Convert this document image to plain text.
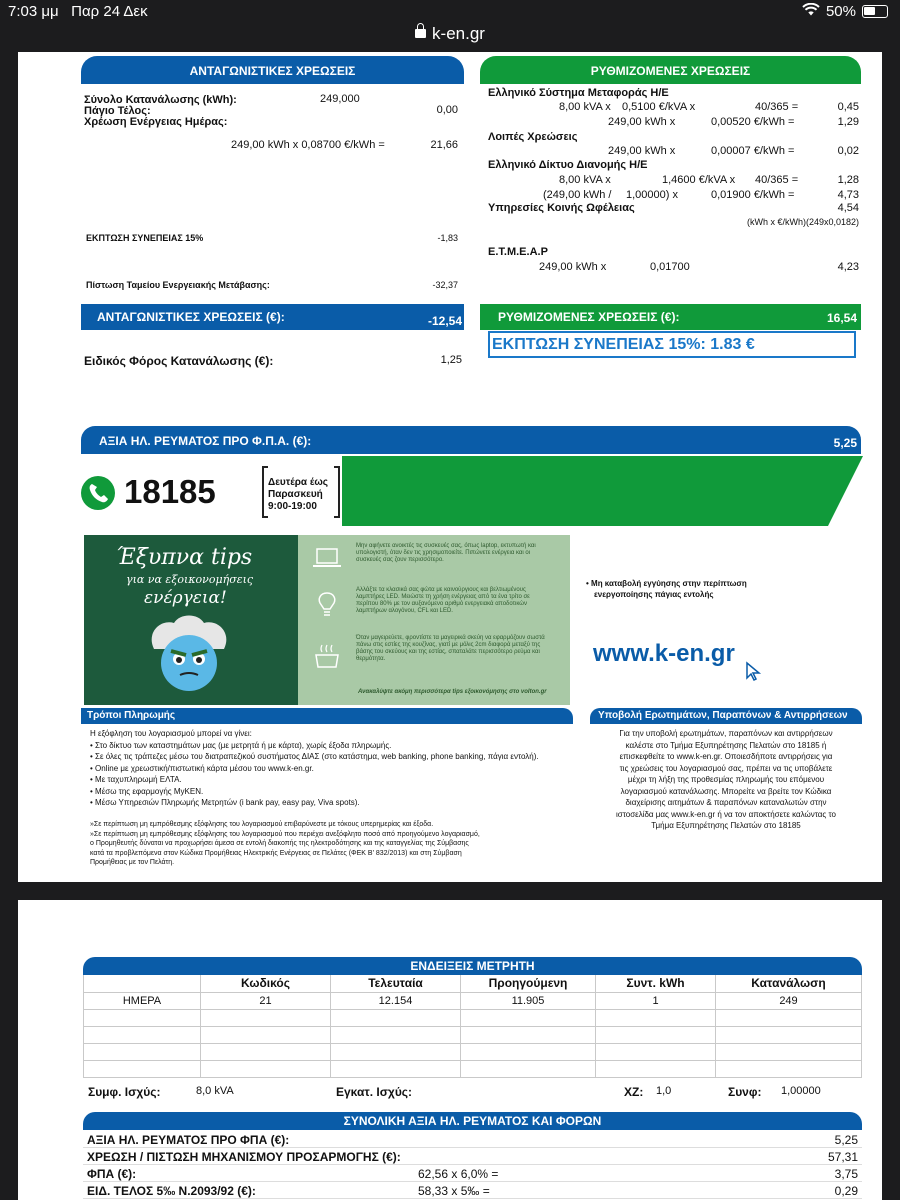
7:03 μμ Παρ 24 Δεκ	50%
k-en.gr
ΑΝΤΑΓΩΝΙΣΤΙΚΕΣ ΧΡΕΩΣΕΙΣ
Σύνολο Κατανάλωσης (kWh):	249,000
Πάγιο Τέλος:	0,00
Χρέωση Ενέργειας Ημέρας:
249,00 kWh x 0,08700 €/kWh =	21,66
ΕΚΠΤΩΣΗ ΣΥΝΕΠΕΙΑΣ 15%	-1,83
Πίστωση Ταμείου Ενεργειακής Μετάβασης:	-32,37
ΑΝΤΑΓΩΝΙΣΤΙΚΕΣ ΧΡΕΩΣΕΙΣ (€):	-12,54
Ειδικός Φόρος Κατανάλωσης (€):	1,25
ΡΥΘΜΙΖΟΜΕΝΕΣ ΧΡΕΩΣΕΙΣ
Ελληνικό Σύστημα Μεταφοράς Η/Ε
8,00 kVA x 0,5100 €/kVA x	40/365 =	0,45
249,00 kWh x	0,00520 €/kWh =	1,29
Λοιπές Χρεώσεις
249,00 kWh x	0,00007 €/kWh =	0,02
Ελληνικό Δίκτυο Διανομής Η/Ε
8,00 kVA x	1,4600 €/kVA x 40/365 =	1,28
(249,00 kWh / 1,00000) x	0,01900 €/kWh =	4,73
Υπηρεσίες Κοινής Ωφέλειας	4,54
(kWh x €/kWh)(249x0,0182)
Ε.Τ.Μ.Ε.Α.Ρ
249,00 kWh x	0,01700	4,23
ΡΥΘΜΙΖΟΜΕΝΕΣ ΧΡΕΩΣΕΙΣ (€):	16,54
ΕΚΠΤΩΣΗ ΣΥΝΕΠΕΙΑΣ 15%: 1.83 €
ΑΞΙΑ ΗΛ. ΡΕΥΜΑΤΟΣ ΠΡΟ Φ.Π.Α. (€):	5,25
18185	Δευτέρα έως
Παρασκευή
9:00-19:00
Έξυπνα tips
για να εξοικονομήσεις
ενέργεια!
Μην αφήνετε ανοικτές τις συσκευές σας, όπως laptop, εκτυπωτή και υπολογιστή, όταν δεν τις χρησιμοποιείτε. Πιπώνετε ενέργεια και οι συσκευές σας ζουν περισσότερο.
Αλλάξτε τα κλασικά σας φώτα με καινούργιους και βελτιωμένους λαμπτήρες LED. Μειώστε τη χρήση ενέργειας από τα ένα τρίτο σε περίπου 80% με τον αυξανόμενο αριθμό ενεργειακά αποδοτικών λαμπτήρων αλογόνου, CFL και LED.
Όταν μαγειρεύετε, φροντίστε τα μαγειρικά σκεύη να εφαρμόζουν σωστά πάνω στις εστίες της κουζίνας, γιατί με μόλις 2cm διαφορά μεταξύ της βάσης του σκεύους και της εστίας, σπαταλάτε περισσότερο ρεύμα και θερμότητα.
Ανακαλύψτε ακόμη περισσότερα tips εξοικονόμησης στο volton.gr
• Μη καταβολή εγγύησης στην περίπτωση
ενεργοποίησης πάγιας εντολής
www.k-en.gr
Τρόποι Πληρωμής	Υποβολή Ερωτημάτων, Παραπόνων & Αντιρρήσεων
Η εξόφληση του λογαριασμού μπορεί να γίνει:
• Στο δίκτυο των καταστημάτων μας (με μετρητά ή με κάρτα), χωρίς έξοδα πληρωμής.
• Σε όλες τις τράπεζες μέσω του διατραπεζικού συστήματος ΔΙΑΣ (στο κατάστημα, web banking, phone banking, πάγια εντολή).
• Online με χρεωστική/πιστωτική κάρτα μέσου του www.k-en.gr.
• Με ταχυπληρωμή ΕΛΤΑ.
• Μέσω της εφαρμογής MyKEN.
• Μέσω Υπηρεσιών Πληρωμής Μετρητών (i bank pay, easy pay, Viva spots).
»Σε περίπτωση μη εμπρόθεσμης εξόφλησης του λογαριασμού επιβαρύνεστε με τόκους υπερημερίας και έξοδα.
»Σε περίπτωση μη εμπρόθεσμης εξόφλησης του λογαριασμού που περιέχει ανεξόφλητο ποσό από προηγούμενο λογαριασμό,
ο Προμηθευτής δύναται να προχωρήσει άμεσα σε εντολή διακοπής της ηλεκτροδότησης και της καταγγελίας της Σύμβασης
κατά τα προβλεπόμενα στον Κώδικα Προμήθειας Ηλεκτρικής Ενέργειας σε Πελάτες (ΦΕΚ Β' 832/2013) και στη Σύμβαση
Προμήθειας με τον Πελάτη.
Για την υποβολή ερωτημάτων, παραπόνων και αντιρρήσεων
καλέστε στο Τμήμα Εξυπηρέτησης Πελατών στο 18185 ή
επισκεφθείτε το www.k-en.gr. Οποιεσδήποτε αντιρρήσεις για
τις χρεώσεις του λογαριασμού σας, πρέπει να τις υποβάλετε
μέχρι τη λήξη της προθεσμίας πληρωμής του επόμενου
λογαριασμού κατανάλωσης. Μπορείτε να βρείτε τον Κώδικα
διαχείρισης αιτημάτων & παραπόνων καταναλωτών στην
ιστοσελίδα μας www.k-en.gr ή να τον αποκτήσετε καλώντας το
Τμήμα Εξυπηρέτησης Πελατών στο 18185
ΕΝΔΕΙΞΕΙΣ ΜΕΤΡΗΤΗ
	Κωδικός	Τελευταία	Προηγούμενη	Συντ. kWh	Κατανάλωση
ΗΜΕΡΑ	21	12.154	11.905	1	249

Συμφ. Ισχύς:	8,0 kVA	Εγκατ. Ισχύς:	ΧΖ: 1,0	Συνφ: 1,00000
ΣΥΝΟΛΙΚΗ ΑΞΙΑ ΗΛ. ΡΕΥΜΑΤΟΣ ΚΑΙ ΦΟΡΩΝ
ΑΞΙΑ ΗΛ. ΡΕΥΜΑΤΟΣ ΠΡΟ ΦΠΑ (€):	5,25
ΧΡΕΩΣΗ / ΠΙΣΤΩΣΗ ΜΗΧΑΝΙΣΜΟΥ ΠΡΟΣΑΡΜΟΓΗΣ (€):	57,31
ΦΠΑ (€):	62,56 x 6,0% =	3,75
ΕΙΔ. ΤΕΛΟΣ 5‰ Ν.2093/92 (€):	58,33 x 5‰ =	0,29
